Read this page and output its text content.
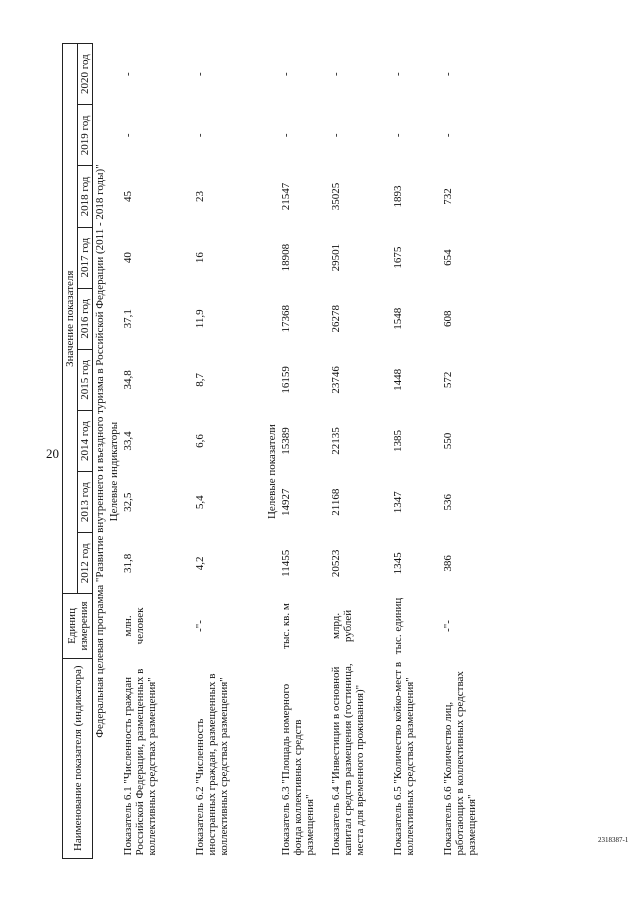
20
2318387-1
Наименование показателя (индикатора)	Единиц измерения	Значение показателя								
		2012 год	2013 год	2014 год	2015 год	2016 год	2017 год	2018 год	2019 год	2020 год
Федеральная целевая программа "Развитие внутреннего и въездного туризма в Российской Федерации (2011 - 2018 годы)"										
		Целевые индикаторы								
Показатель 6.1 "Численность граждан Российской Федерации, размещенных в коллективных средствах размещения"	млн. человек	31,8	32,5	33,4	34,8	37,1	40	45	-	-
Показатель 6.2 "Численность иностранных граждан, размещенных в коллективных средствах размещения"	-"-	4,2	5,4	6,6	8,7	11,9	16	23	-	-
		Целевые показатели								
Показатель 6.3 "Площадь номерного фонда коллективных средств размещения"	тыс. кв. м	11455	14927	15389	16159	17368	18908	21547	-	-
Показатель 6.4 "Инвестиции в основной капитал средств размещения (гостиница, места для временного проживания)"	млрд. рублей	20523	21168	22135	23746	26278	29501	35025	-	-
Показатель 6.5 "Количество койко-мест в коллективных средствах размещения"	тыс. единиц	1345	1347	1385	1448	1548	1675	1893	-	-
Показатель 6.6 "Количество лиц, работающих в коллективных средствах размещения"	-"-	386	536	550	572	608	654	732	-	-
